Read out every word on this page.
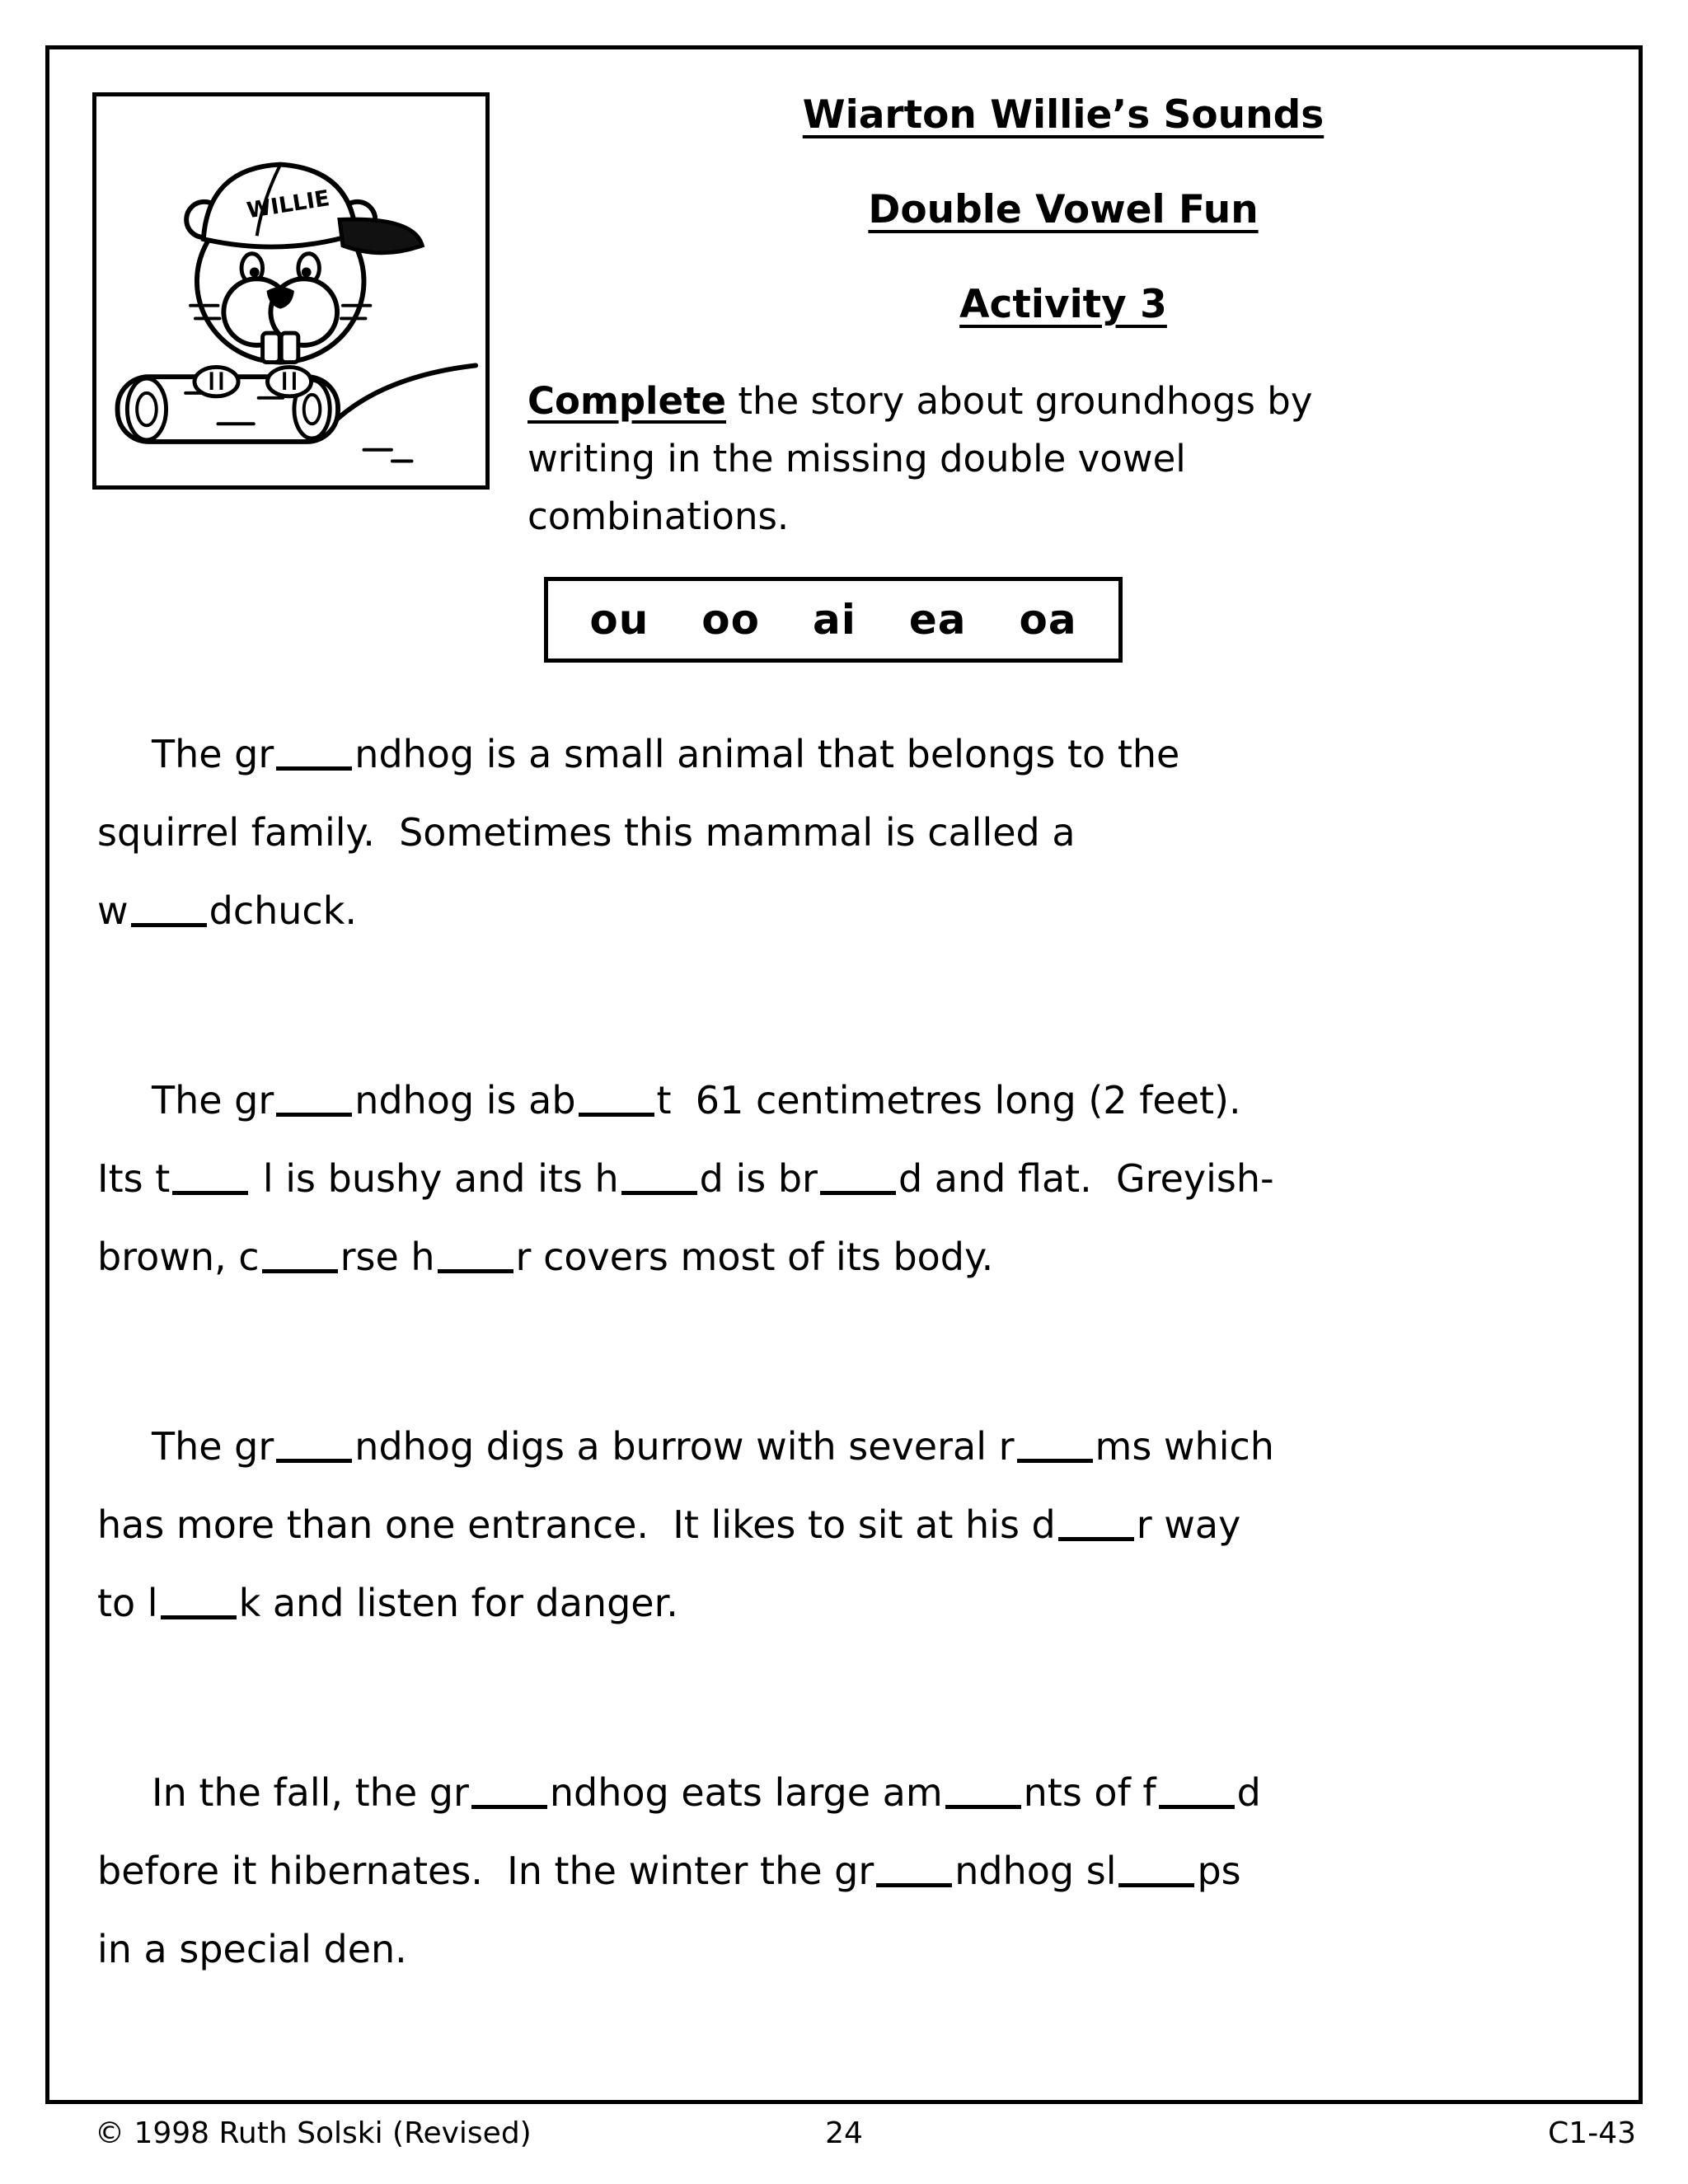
WILLIE
Wiarton Willie’s Sounds
Double Vowel Fun
Activity 3

Complete the story about groundhogs by
writing in the missing double vowel
combinations.

ou oo ai ea oa

The gr ndhog is a small animal that belongs to the
squirrel family.  Sometimes this mammal is called a
w dchuck.

The gr ndhog is ab t  61 centimetres long (2 feet).
Its t l is bushy and its h d is br d and flat.  Greyish-
brown, c rse h r covers most of its body.

The gr ndhog digs a burrow with several r ms which
has more than one entrance.  It likes to sit at his d r way
to l k and listen for danger.

In the fall, the gr ndhog eats large am nts of f d
before it hibernates.  In the winter the gr ndhog sl ps
in a special den.

© 1998 Ruth Solski (Revised)	24	C1-43
